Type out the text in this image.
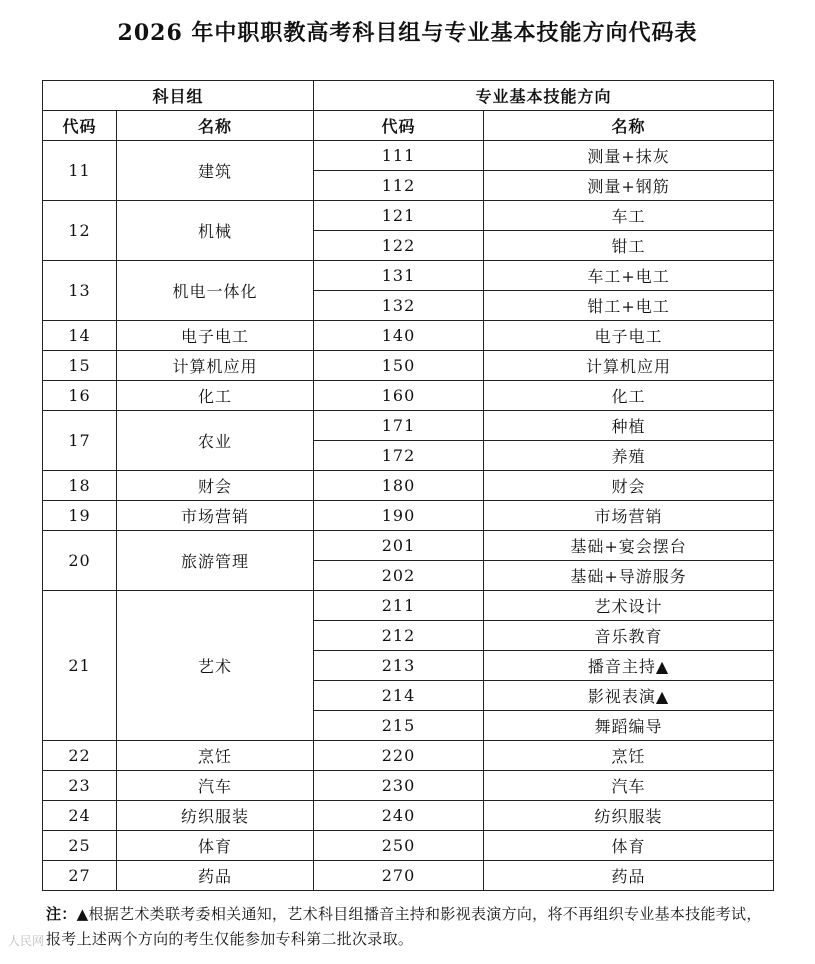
2026 年中职职教高考科目组与专业基本技能方向代码表
科目组		专业基本技能方向	
代码	名称	代码	名称
11	建筑	111	测量+抹灰
		112	测量+钢筋
12	机械	121	车工
		122	钳工
13	机电一体化	131	车工+电工
		132	钳工+电工
14	电子电工	140	电子电工
15	计算机应用	150	计算机应用
16	化工	160	化工
17	农业	171	种植
		172	养殖
18	财会	180	财会
19	市场营销	190	市场营销
20	旅游管理	201	基础+宴会摆台
		202	基础+导游服务
21	艺术	211	艺术设计
		212	音乐教育
		213	播音主持▲
		214	影视表演▲
		215	舞蹈编导
22	烹饪	220	烹饪
23	汽车	230	汽车
24	纺织服装	240	纺织服装
25	体育	250	体育
27	药品	270	药品
注：▲根据艺术类联考委相关通知，艺术科目组播音主持和影视表演方向，将不再组织专业基本技能考试，报考上述两个方向的考生仅能参加专科第二批次录取。
人民网
